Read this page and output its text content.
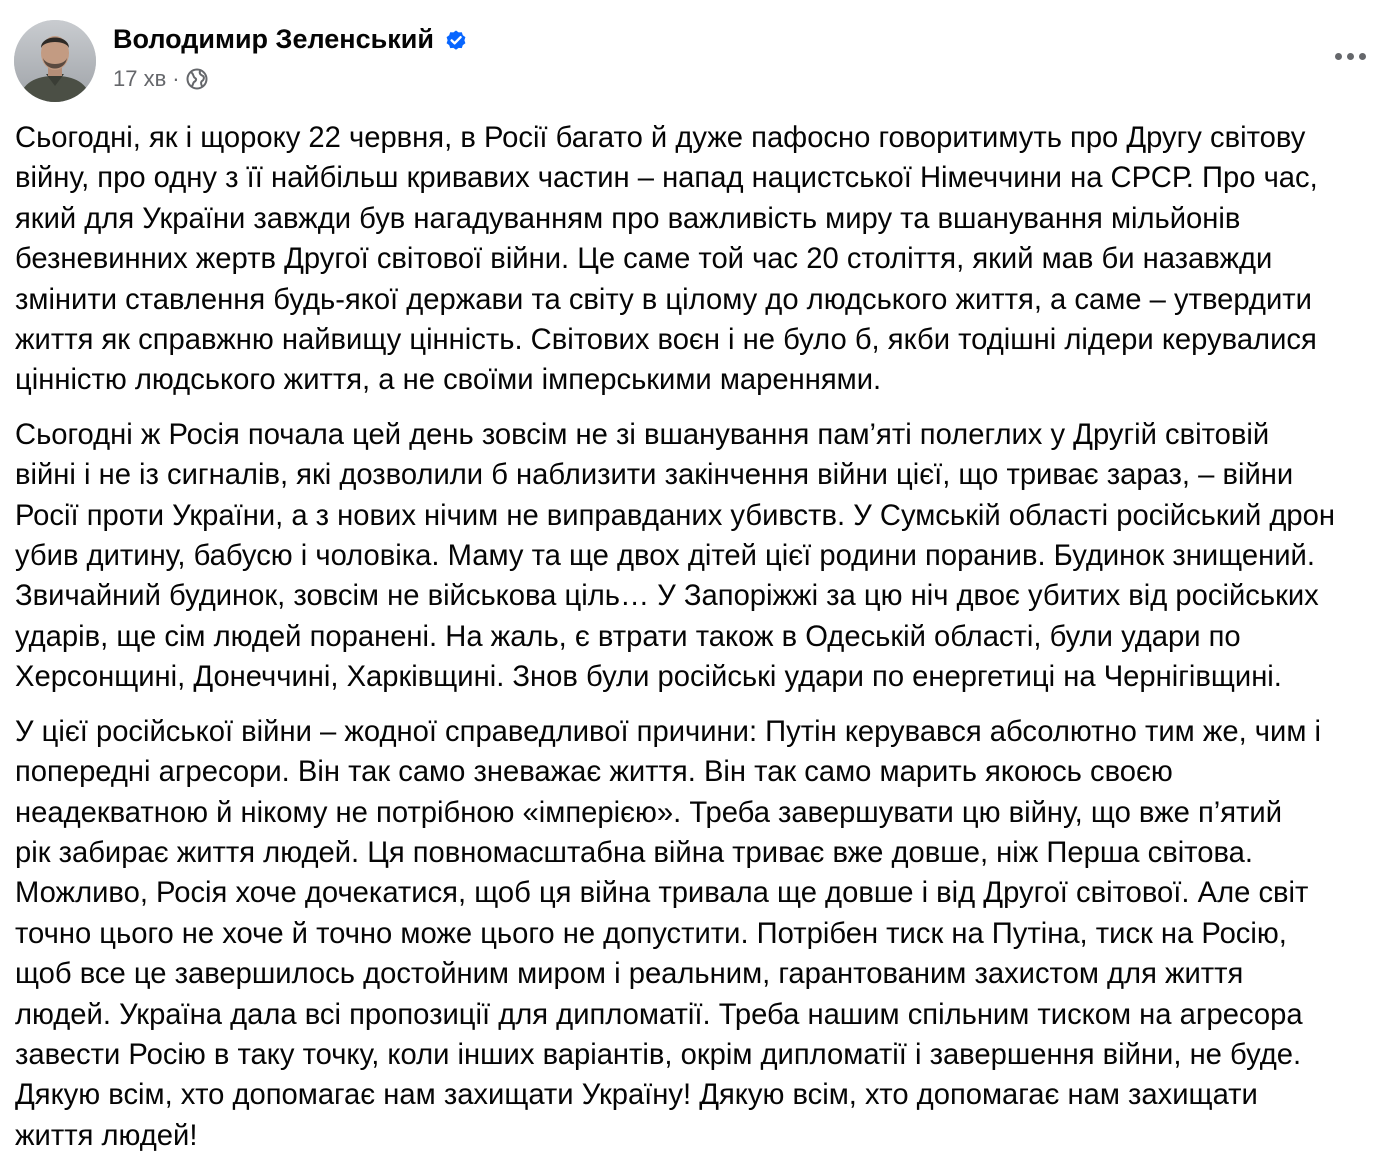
Володимир Зеленський
17 хв ·

Сьогодні, як і щороку 22 червня, в Росії багато й дуже пафосно говоритимуть про Другу світову
війну, про одну з її найбільш кривавих частин – напад нацистської Німеччини на СРСР. Про час,
який для України завжди був нагадуванням про важливість миру та вшанування мільйонів
безневинних жертв Другої світової війни. Це саме той час 20 століття, який мав би назавжди
змінити ставлення будь-якої держави та світу в цілому до людського життя, а саме – утвердити
життя як справжню найвищу цінність. Світових воєн і не було б, якби тодішні лідери керувалися
цінністю людського життя, а не своїми імперськими мареннями.

Сьогодні ж Росія почала цей день зовсім не зі вшанування пам’яті полеглих у Другій світовій
війні і не із сигналів, які дозволили б наблизити закінчення війни цієї, що триває зараз, – війни
Росії проти України, а з нових нічим не виправданих убивств. У Сумській області російський дрон
убив дитину, бабусю і чоловіка. Маму та ще двох дітей цієї родини поранив. Будинок знищений.
Звичайний будинок, зовсім не військова ціль… У Запоріжжі за цю ніч двоє убитих від російських
ударів, ще сім людей поранені. На жаль, є втрати також в Одеській області, були удари по
Херсонщині, Донеччині, Харківщині. Знов були російські удари по енергетиці на Чернігівщині.

У цієї російської війни – жодної справедливої причини: Путін керувався абсолютно тим же, чим і
попередні агресори. Він так само зневажає життя. Він так само марить якоюсь своєю
неадекватною й нікому не потрібною «імперією». Треба завершувати цю війну, що вже п’ятий
рік забирає життя людей. Ця повномасштабна війна триває вже довше, ніж Перша світова.
Можливо, Росія хоче дочекатися, щоб ця війна тривала ще довше і від Другої світової. Але світ
точно цього не хоче й точно може цього не допустити. Потрібен тиск на Путіна, тиск на Росію,
щоб все це завершилось достойним миром і реальним, гарантованим захистом для життя
людей. Україна дала всі пропозиції для дипломатії. Треба нашим спільним тиском на агресора
завести Росію в таку точку, коли інших варіантів, окрім дипломатії і завершення війни, не буде.
Дякую всім, хто допомагає нам захищати Україну! Дякую всім, хто допомагає нам захищати
життя людей!
